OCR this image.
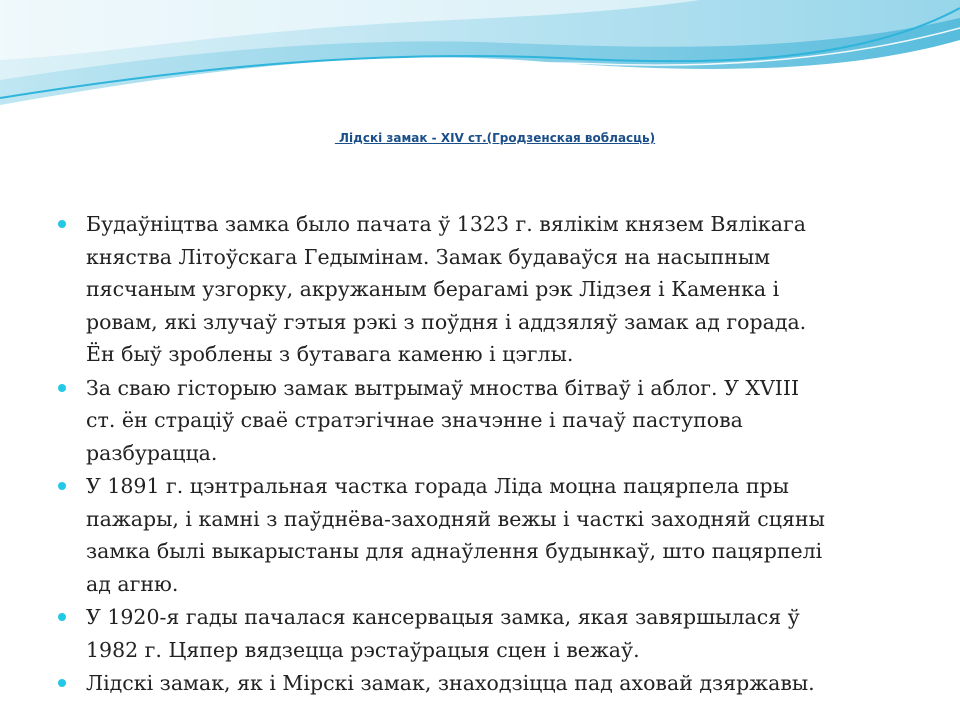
Лідскі замак - XIV ст.(Гродзенская вобласць)
Будаўніцтва замка было пачата ў 1323 г. вялікім князем Вялікага
княства Літоўскага Гедымінам. Замак будаваўся на насыпным
пясчаным узгорку, акружаным берагамі рэк Лідзея і Каменка і
ровам, які злучаў гэтыя рэкі з поўдня і аддзяляў замак ад горада.
Ён быў зроблены з бутавага каменю і цэглы.
За сваю гісторыю замак вытрымаў мноства бітваў і аблог. У XVIII
ст. ён страціў сваё стратэгічнае значэнне і пачаў паступова
разбурацца.
У 1891 г. цэнтральная частка горада Ліда моцна пацярпела пры
пажары, і камні з паўднёва-заходняй вежы і часткі заходняй сцяны
замка былі выкарыстаны для аднаўлення будынкаў, што пацярпелі
ад агню.
У 1920-я гады пачалася кансервацыя замка, якая завяршылася ў
1982 г. Цяпер вядзецца рэстаўрацыя сцен і вежаў.
Лідскі замак, як і Мірскі замак, знаходзіцца пад аховай дзяржавы.
